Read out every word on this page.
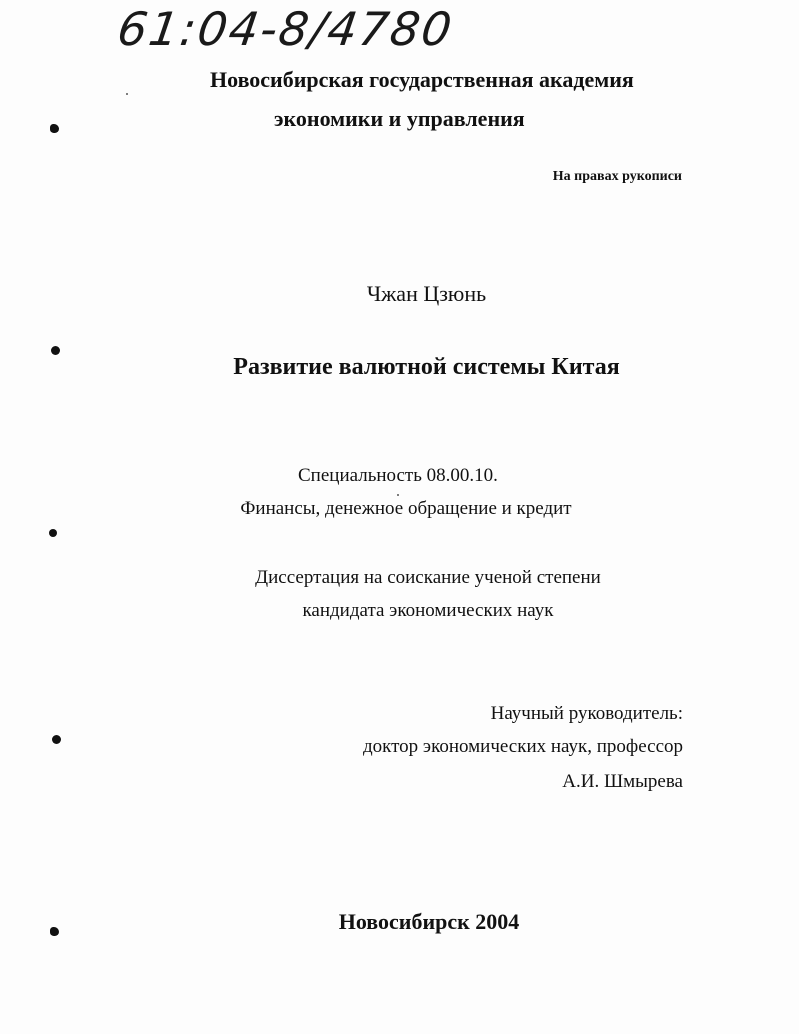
61:04-8/4780
Новосибирская государственная академия
экономики и управления
На правах рукописи
Чжан Цзюнь
Развитие валютной системы Китая
Специальность 08.00.10.
Финансы, денежное обращение и кредит
Диссертация на соискание ученой степени
кандидата экономических наук
Научный руководитель:
доктор экономических наук, профессор
А.И. Шмырева
Новосибирск 2004
